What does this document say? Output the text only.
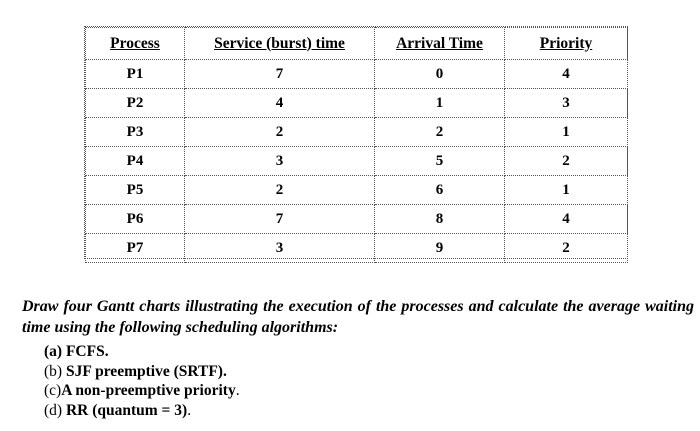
Process	Service (burst) time	Arrival Time	Priority
P1	7	0	4
P2	4	1	3
P3	2	2	1
P4	3	5	2
P5	2	6	1
P6	7	8	4
P7	3	9	2

Draw four Gantt charts illustrating the execution of the processes and calculate the average waiting time using the following scheduling algorithms:

(a) FCFS.
(b) SJF preemptive (SRTF).
(c)A non-preemptive priority.
(d) RR (quantum = 3).
